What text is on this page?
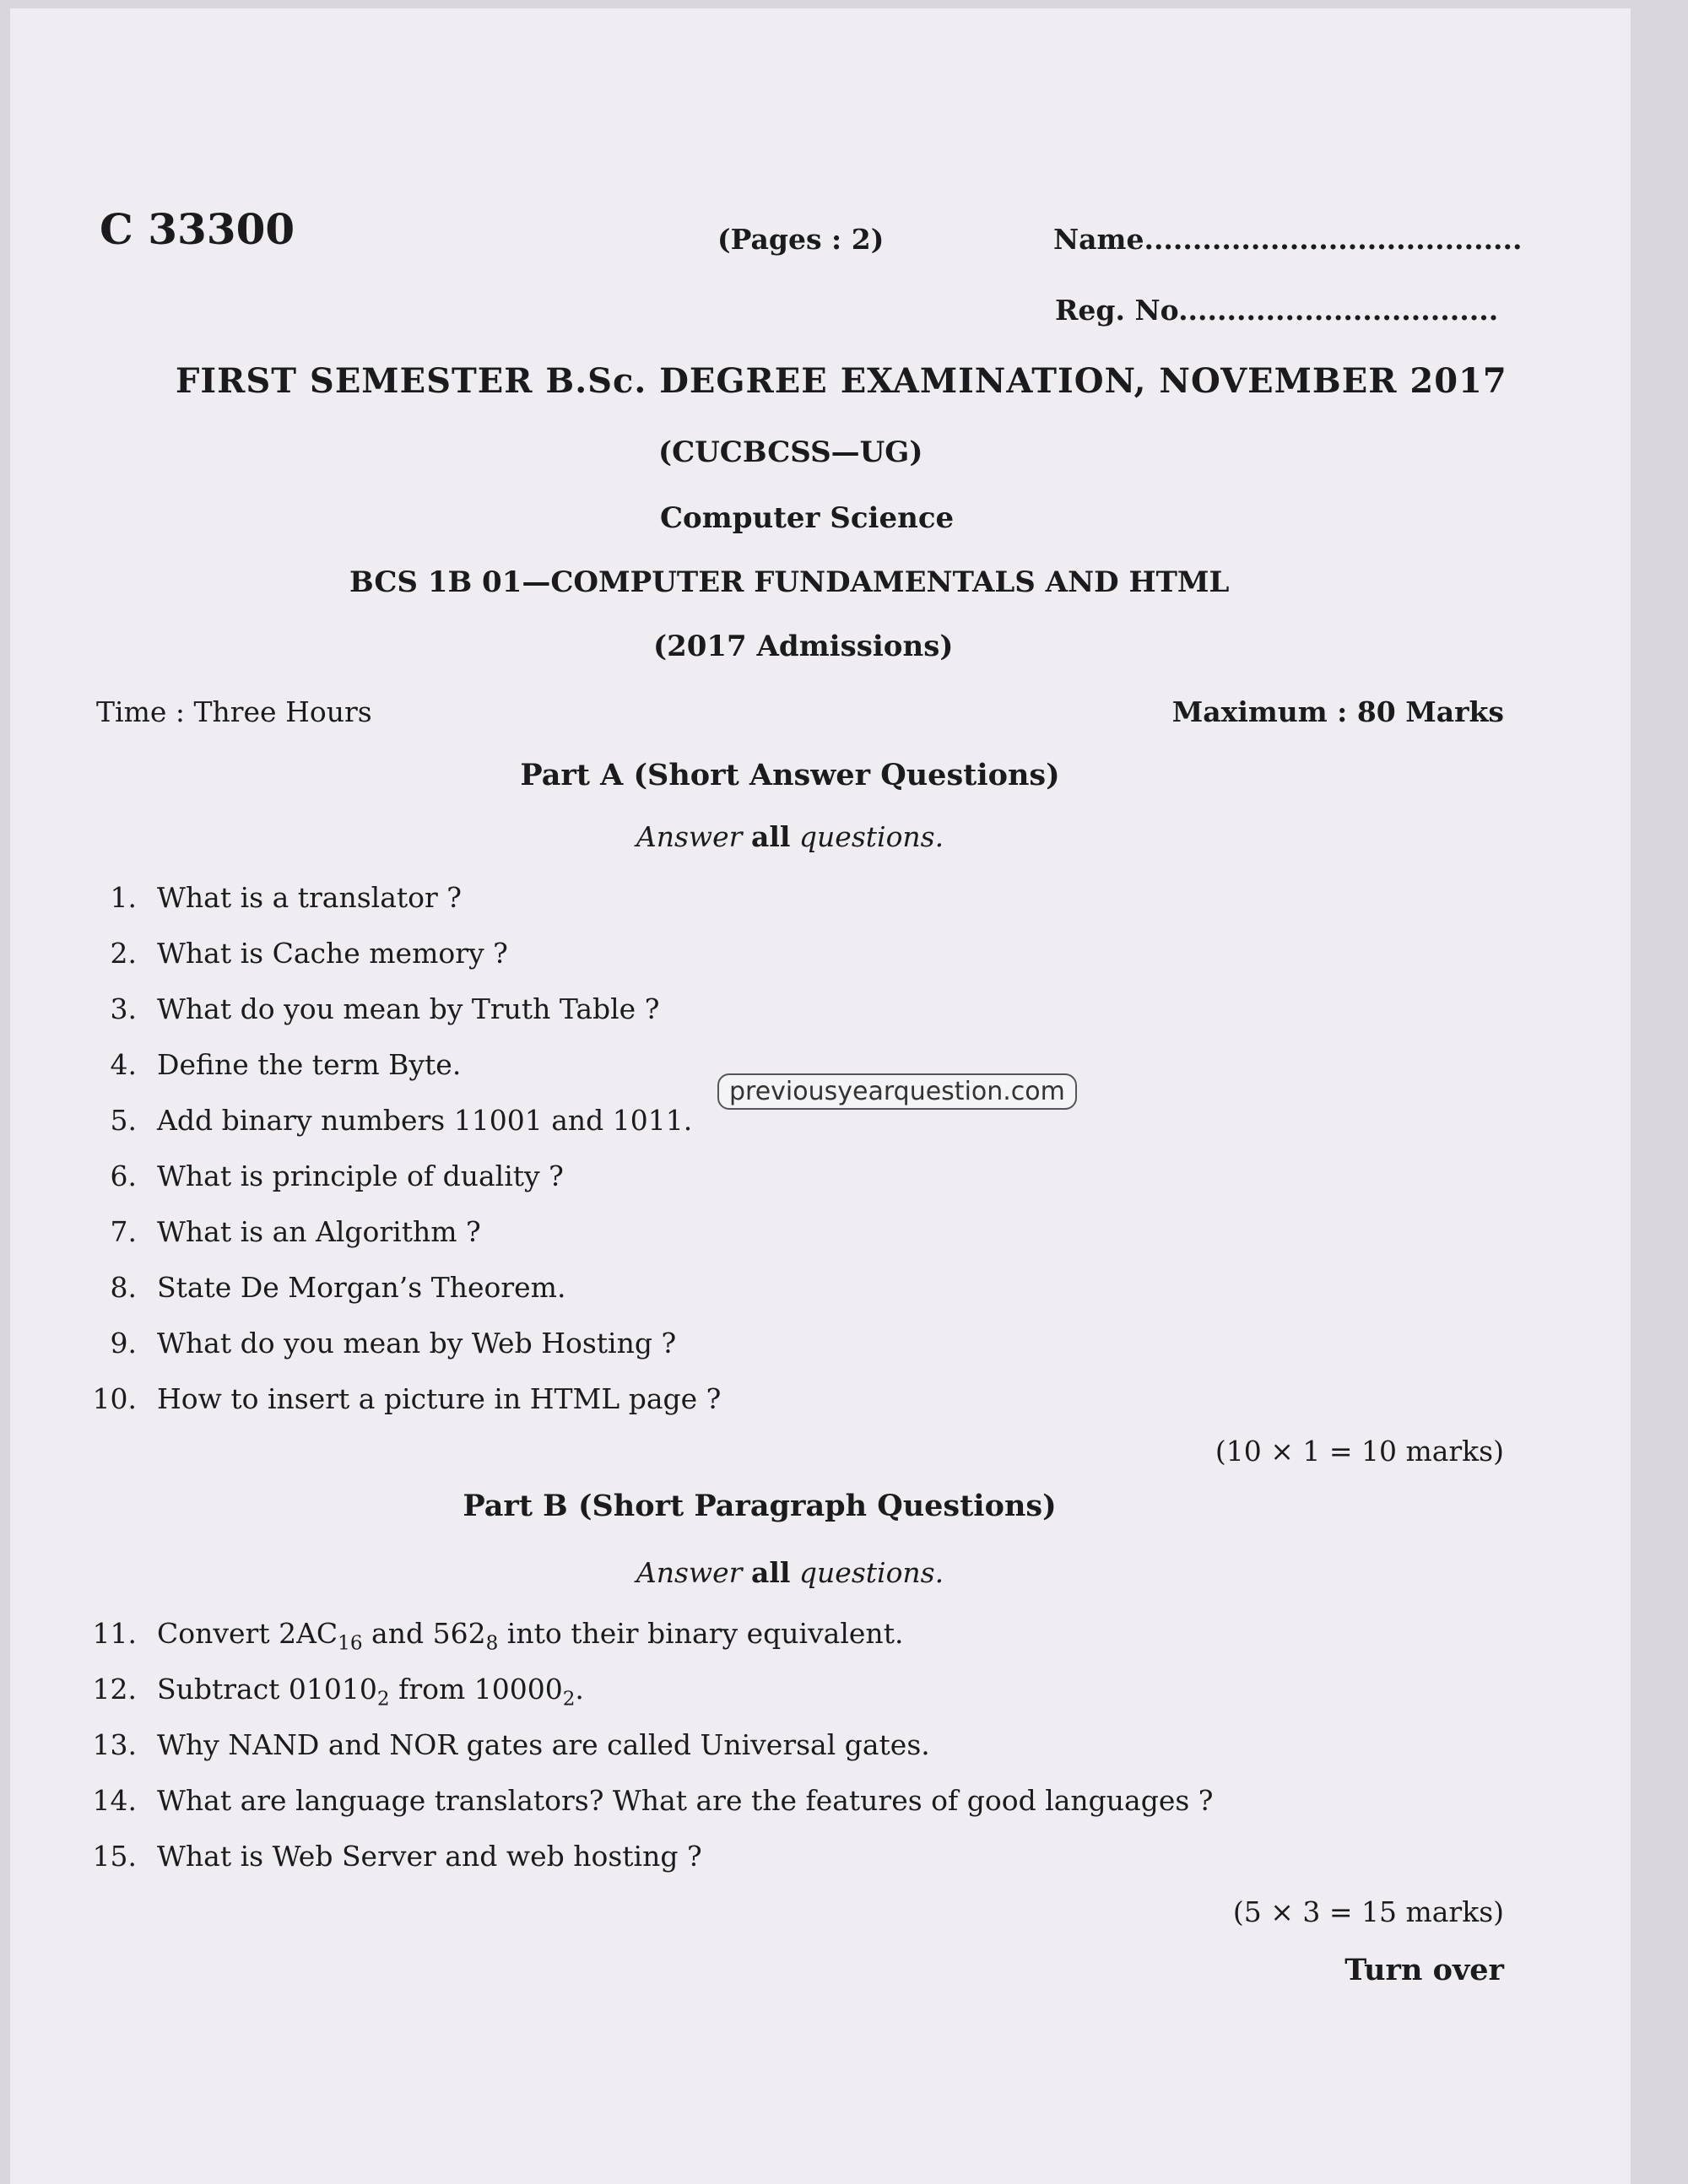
C 33300	(Pages : 2)	Name.......................................
Reg. No.................................
FIRST SEMESTER B.Sc. DEGREE EXAMINATION, NOVEMBER 2017
(CUCBCSS—UG)
Computer Science
BCS 1B 01—COMPUTER FUNDAMENTALS AND HTML
(2017 Admissions)
Time : Three Hours	Maximum : 80 Marks
Part A (Short Answer Questions)
Answer all questions.
1. What is a translator ?
2. What is Cache memory ?
3. What do you mean by Truth Table ?
4. Define the term Byte.
5. Add binary numbers 11001 and 1011.
6. What is principle of duality ?
7. What is an Algorithm ?
8. State De Morgan’s Theorem.
9. What do you mean by Web Hosting ?
10. How to insert a picture in HTML page ?
(10 × 1 = 10 marks)
previousyearquestion.com
Part B (Short Paragraph Questions)
Answer all questions.
11. Convert $2AC_{16}$ and $562_8$ into their binary equivalent.
12. Subtract $01010_2$ from $10000_2$.
13. Why NAND and NOR gates are called Universal gates.
14. What are language translators? What are the features of good languages ?
15. What is Web Server and web hosting ?
(5 × 3 = 15 marks)
Turn over
